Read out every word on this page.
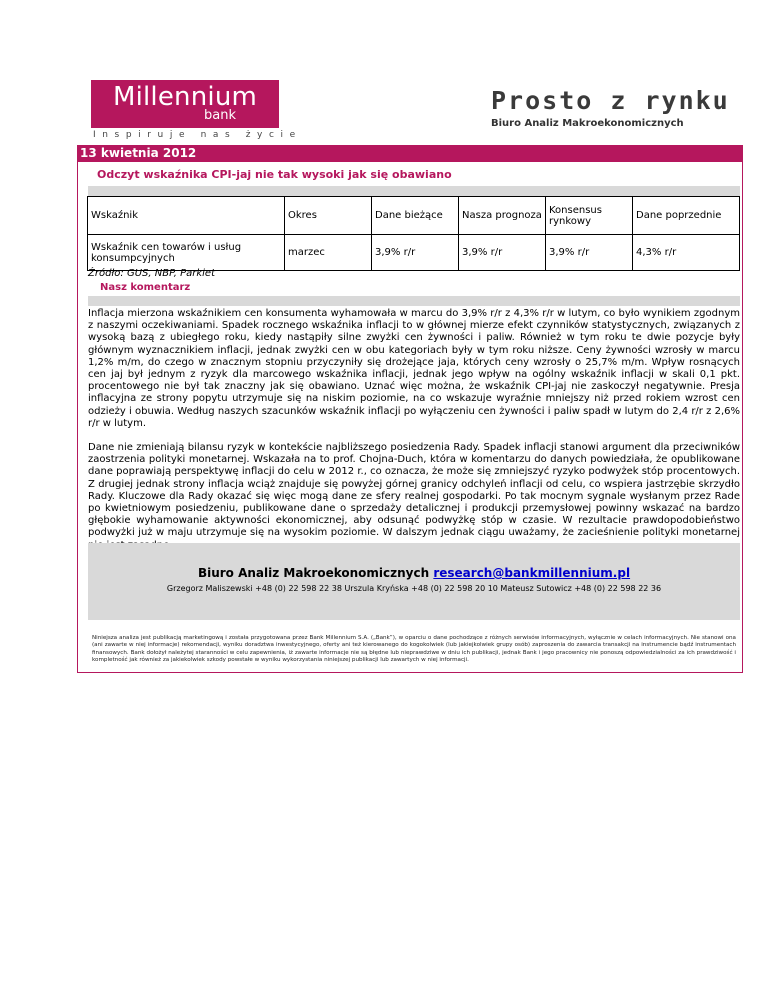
Millennium
bank
Inspiruje nas życie
Prosto z rynku
Biuro Analiz Makroekonomicznych
13 kwietnia 2012
Odczyt wskaźnika CPI-jaj nie tak wysoki jak się obawiano
Wskaźnik	Okres	Dane bieżące	Nasza prognoza	Konsensus rynkowy	Dane poprzednie
Wskaźnik cen towarów i usług konsumpcyjnych	marzec	3,9% r/r	3,9% r/r	3,9% r/r	4,3% r/r
Źródło: GUS, NBP, Parkiet
Nasz komentarz
Inflacja mierzona wskaźnikiem cen konsumenta wyhamowała w marcu do 3,9% r/r z 4,3% r/r w lutym, co było wynikiem zgodnym z naszymi oczekiwaniami. Spadek rocznego wskaźnika inflacji to w głównej mierze efekt czynników statystycznych, związanych z wysoką bazą z ubiegłego roku, kiedy nastąpiły silne zwyżki cen żywności i paliw. Również w tym roku te dwie pozycje były głównym wyznacznikiem inflacji, jednak zwyżki cen w obu kategoriach były w tym roku niższe. Ceny żywności wzrosły w marcu 1,2% m/m, do czego w znacznym stopniu przyczyniły się drożejące jaja, których ceny wzrosły o 25,7% m/m. Wpływ rosnących cen jaj był jednym z ryzyk dla marcowego wskaźnika inflacji, jednak jego wpływ na ogólny wskaźnik inflacji w skali 0,1 pkt. procentowego nie był tak znaczny jak się obawiano. Uznać więc można, że wskaźnik CPI-jaj nie zaskoczył negatywnie. Presja inflacyjna ze strony popytu utrzymuje się na niskim poziomie, na co wskazuje wyraźnie mniejszy niż przed rokiem wzrost cen odzieży i obuwia. Według naszych szacunków wskaźnik inflacji po wyłączeniu cen żywności i paliw spadł w lutym do 2,4 r/r z 2,6% r/r w lutym.
Dane nie zmieniają bilansu ryzyk w kontekście najbliższego posiedzenia Rady. Spadek inflacji stanowi argument dla przeciwników zaostrzenia polityki monetarnej. Wskazała na to prof. Chojna-Duch, która w komentarzu do danych powiedziała, że opublikowane dane poprawiają perspektywę inflacji do celu w 2012 r., co oznacza, że może się zmniejszyć ryzyko podwyżek stóp procentowych. Z drugiej jednak strony inflacja wciąż znajduje się powyżej górnej granicy odchyleń inflacji od celu, co wspiera jastrzębie skrzydło Rady. Kluczowe dla Rady okazać się więc mogą dane ze sfery realnej gospodarki. Po tak mocnym sygnale wysłanym przez Rade po kwietniowym posiedzeniu, publikowane dane o sprzedaży detalicznej i produkcji przemysłowej powinny wskazać na bardzo głębokie wyhamowanie aktywności ekonomicznej, aby odsunąć podwyżkę stóp w czasie. W rezultacie prawdopodobieństwo podwyżki już w maju utrzymuje się na wysokim poziomie. W dalszym jednak ciągu uważamy, że zacieśnienie polityki monetarnej
Biuro Analiz Makroekonomicznych research@bankmillennium.pl
Grzegorz Maliszewski +48 (0) 22 598 22 38 Urszula Kryńska +48 (0) 22 598 20 10 Mateusz Sutowicz +48 (0) 22 598 22 36
Niniejsza analiza jest publikacją marketingową i została przygotowana przez Bank Millennium S.A. („Bank”), w oparciu o dane pochodzące z różnych serwisów informacyjnych, wyłącznie w celach informacyjnych. Nie stanowi ona (ani zawarte w niej informacje) rekomendacji, wyniku doradztwa inwestycyjnego, oferty ani też kierowanego do kogokolwiek (lub jakiejkolwiek grupy osób) zaproszenia do zawarcia transakcji na instrumencie bądź instrumentach finansowych. Bank dołożył należytej staranności w celu zapewnienia, iż zawarte informacje nie są błędne lub nieprawdziwe w dniu ich publikacji, jednak Bank i jego pracownicy nie ponoszą odpowiedzialności za ich prawdziwość i kompletność jak również za jakiekolwiek szkody powstałe w wyniku wykorzystania niniejszej publikacji lub zawartych w niej informacji.
